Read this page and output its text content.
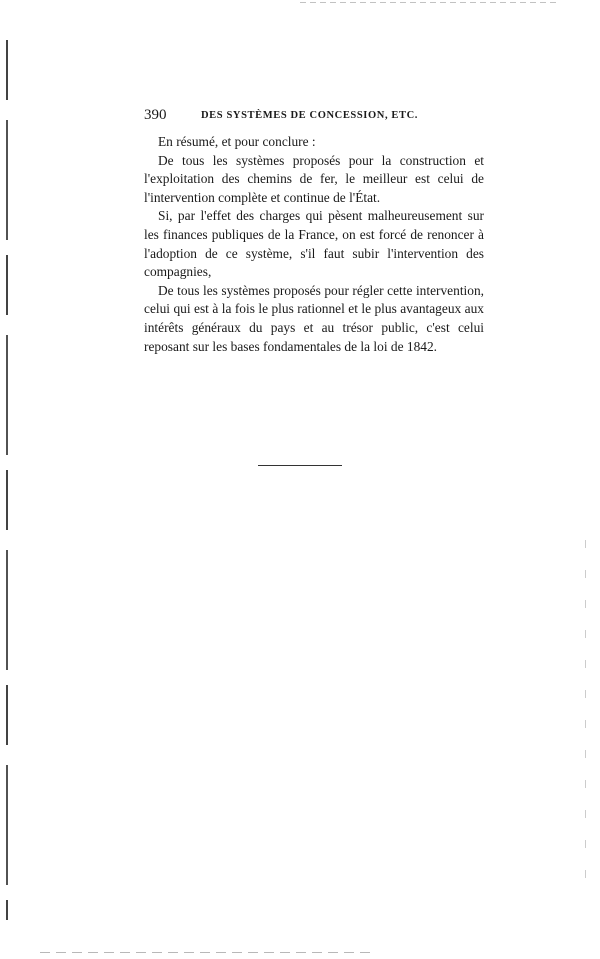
390	DES SYSTÈMES DE CONCESSION, ETC.

En résumé, et pour conclure :

De tous les systèmes proposés pour la construction et l'exploitation des chemins de fer, le meilleur est celui de l'intervention complète et continue de l'État.

Si, par l'effet des charges qui pèsent malheureusement sur les finances publiques de la France, on est forcé de renoncer à l'adoption de ce système, s'il faut subir l'intervention des compagnies,

De tous les systèmes proposés pour régler cette intervention, celui qui est à la fois le plus rationnel et le plus avantageux aux intérêts généraux du pays et au trésor public, c'est celui reposant sur les bases fondamentales de la loi de 1842.
